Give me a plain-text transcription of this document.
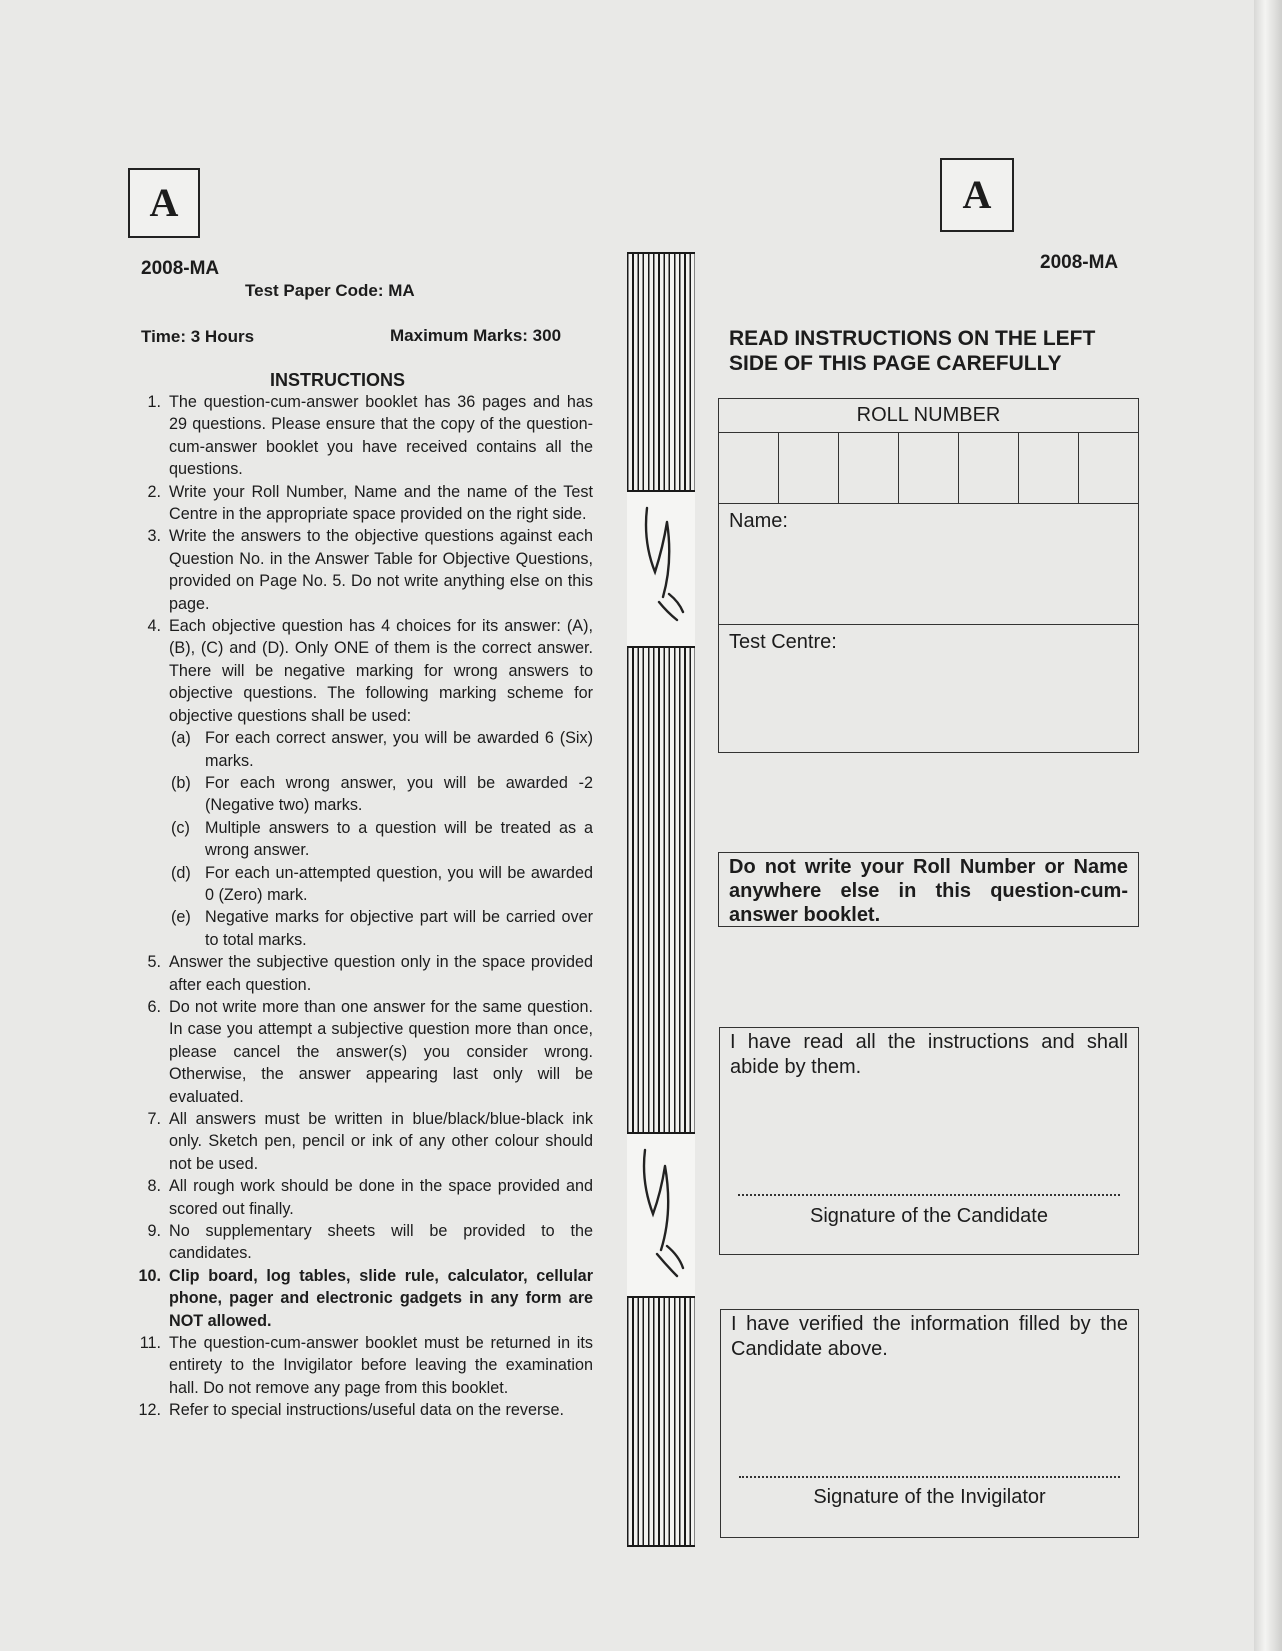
A	A
2008-MA	2008-MA
Test Paper Code: MA
Time: 3 Hours	Maximum Marks: 300
INSTRUCTIONS
1. The question-cum-answer booklet has 36 pages and has 29 questions. Please ensure that the copy of the question-cum-answer booklet you have received contains all the questions.
2. Write your Roll Number, Name and the name of the Test Centre in the appropriate space provided on the right side.
3. Write the answers to the objective questions against each Question No. in the Answer Table for Objective Questions, provided on Page No. 5. Do not write anything else on this page.
4. Each objective question has 4 choices for its answer: (A), (B), (C) and (D). Only ONE of them is the correct answer. There will be negative marking for wrong answers to objective questions. The following marking scheme for objective questions shall be used:
(a) For each correct answer, you will be awarded 6 (Six) marks.
(b) For each wrong answer, you will be awarded -2 (Negative two) marks.
(c) Multiple answers to a question will be treated as a wrong answer.
(d) For each un-attempted question, you will be awarded 0 (Zero) mark.
(e) Negative marks for objective part will be carried over to total marks.
5. Answer the subjective question only in the space provided after each question.
6. Do not write more than one answer for the same question. In case you attempt a subjective question more than once, please cancel the answer(s) you consider wrong. Otherwise, the answer appearing last only will be evaluated.
7. All answers must be written in blue/black/blue-black ink only. Sketch pen, pencil or ink of any other colour should not be used.
8. All rough work should be done in the space provided and scored out finally.
9. No supplementary sheets will be provided to the candidates.
10. Clip board, log tables, slide rule, calculator, cellular phone, pager and electronic gadgets in any form are NOT allowed.
11. The question-cum-answer booklet must be returned in its entirety to the Invigilator before leaving the examination hall. Do not remove any page from this booklet.
12. Refer to special instructions/useful data on the reverse.

READ INSTRUCTIONS ON THE LEFT
SIDE OF THIS PAGE CAREFULLY

ROLL NUMBER
Name:
Test Centre:
Do not write your Roll Number or Name anywhere else in this question-cum-answer booklet.
I have read all the instructions and shall abide by them.
Signature of the Candidate
I have verified the information filled by the Candidate above.
Signature of the Invigilator
